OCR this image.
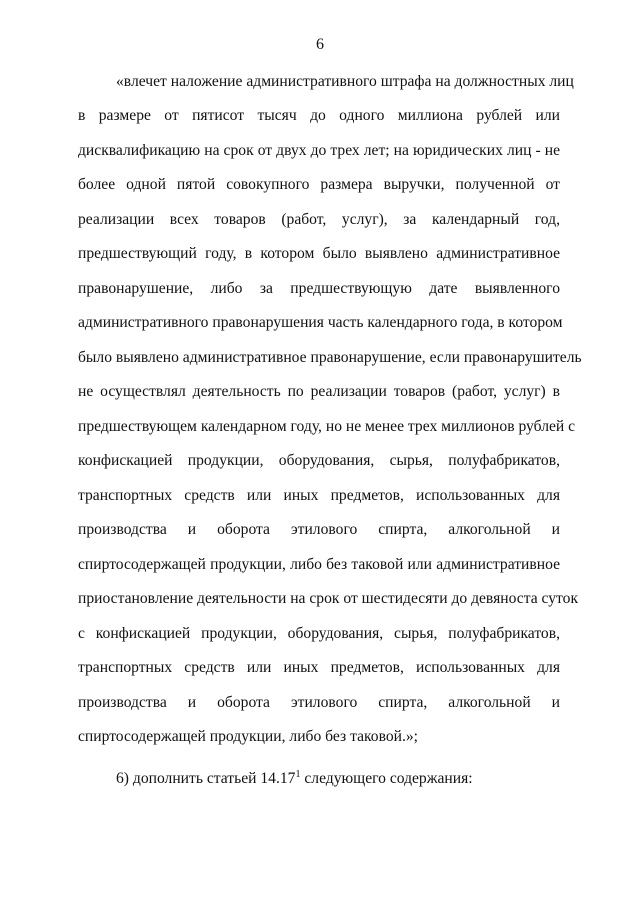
6
«влечет наложение административного штрафа на должностных лиц
в размере от пятисот тысяч до одного миллиона рублей или
дисквалификацию на срок от двух до трех лет; на юридических лиц - не
более одной пятой совокупного размера выручки, полученной от
реализации всех товаров (работ, услуг), за календарный год,
предшествующий году, в котором было выявлено административное
правонарушение, либо за предшествующую дате выявленного
административного правонарушения часть календарного года, в котором
было выявлено административное правонарушение, если правонарушитель
не осуществлял деятельность по реализации товаров (работ, услуг) в
предшествующем календарном году, но не менее трех миллионов рублей с
конфискацией продукции, оборудования, сырья, полуфабрикатов,
транспортных средств или иных предметов, использованных для
производства и оборота этилового спирта, алкогольной и
спиртосодержащей продукции, либо без таковой или административное
приостановление деятельности на срок от шестидесяти до девяноста суток
с конфискацией продукции, оборудования, сырья, полуфабрикатов,
транспортных средств или иных предметов, использованных для
производства и оборота этилового спирта, алкогольной и
спиртосодержащей продукции, либо без таковой.»;
6) дополнить статьей 14.17$^1$ следующего содержания:
